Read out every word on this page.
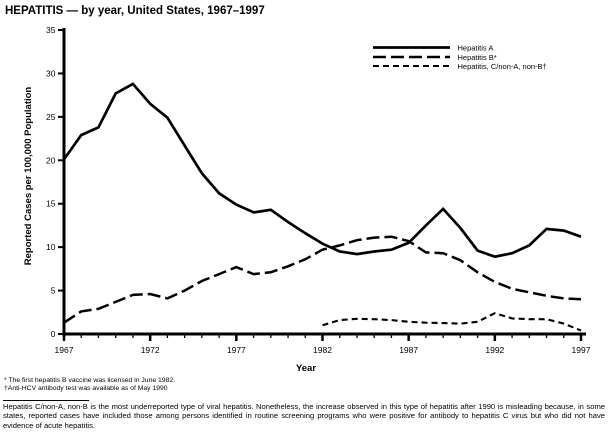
HEPATITIS — by year, United States, 1967–1997
0
5
10
15
20
25
30
35
1967	1972	1977	1982	1987	1992	1997
Reported Cases per 100,000 Population
Year
Hepatitis A
Hepatitis B*
Hepatitis, C/non-A, non-B†
* The first hepatitis B vaccine was licensed in June 1982.
†Anti-HCV antibody test was available as of May 1990

Hepatitis C/non-A, non-B is the most underreported type of viral hepatitis. Nonetheless, the increase observed in this type of hepatitis after 1990 is misleading because, in some states, reported cases have included those among persons identified in routine screening programs who were positive for antibody to hepatitis C virus but who did not have evidence of acute hepatitis.
